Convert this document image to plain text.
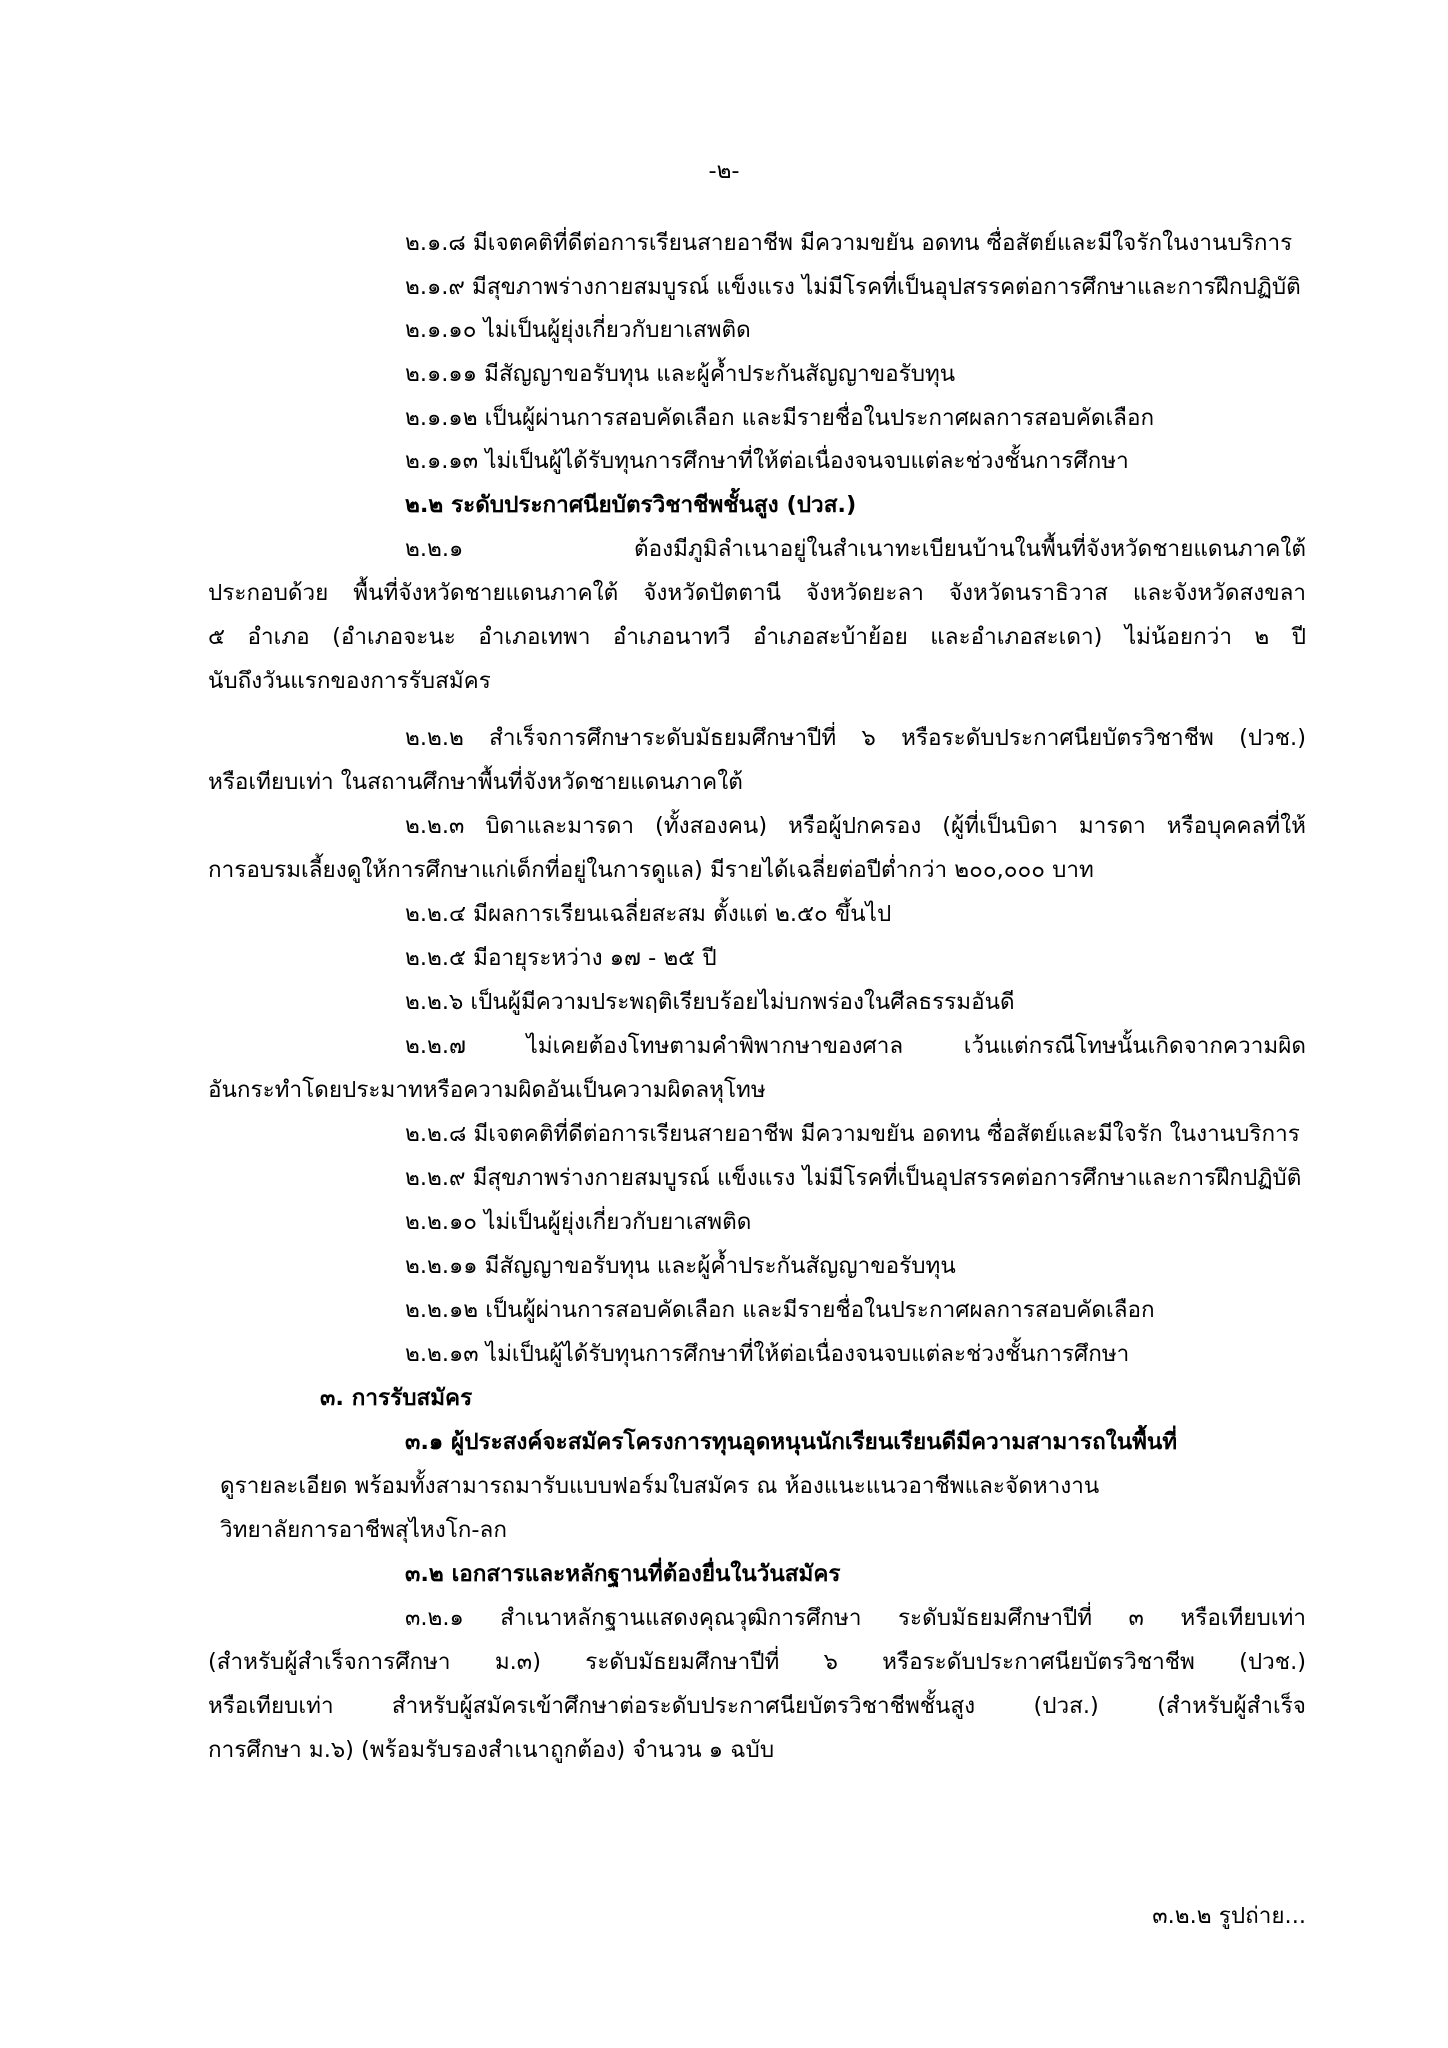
-๒-
๒.๑.๘ มีเจตคติที่ดีต่อการเรียนสายอาชีพ มีความขยัน อดทน ซื่อสัตย์และมีใจรักในงานบริการ
๒.๑.๙ มีสุขภาพร่างกายสมบูรณ์ แข็งแรง ไม่มีโรคที่เป็นอุปสรรคต่อการศึกษาและการฝึกปฏิบัติ
๒.๑.๑๐ ไม่เป็นผู้ยุ่งเกี่ยวกับยาเสพติด
๒.๑.๑๑ มีสัญญาขอรับทุน และผู้ค้ำประกันสัญญาขอรับทุน
๒.๑.๑๒ เป็นผู้ผ่านการสอบคัดเลือก และมีรายชื่อในประกาศผลการสอบคัดเลือก
๒.๑.๑๓ ไม่เป็นผู้ได้รับทุนการศึกษาที่ให้ต่อเนื่องจนจบแต่ละช่วงชั้นการศึกษา
๒.๒ ระดับประกาศนียบัตรวิชาชีพชั้นสูง (ปวส.)
๒.๒.๑ ต้องมีภูมิลำเนาอยู่ในสำเนาทะเบียนบ้านในพื้นที่จังหวัดชายแดนภาคใต้
ประกอบด้วย พื้นที่จังหวัดชายแดนภาคใต้ จังหวัดปัตตานี จังหวัดยะลา จังหวัดนราธิวาส และจังหวัดสงขลา
๕ อำเภอ (อำเภอจะนะ อำเภอเทพา อำเภอนาทวี อำเภอสะบ้าย้อย และอำเภอสะเดา) ไม่น้อยกว่า ๒ ปี
นับถึงวันแรกของการรับสมัคร
๒.๒.๒ สำเร็จการศึกษาระดับมัธยมศึกษาปีที่ ๖ หรือระดับประกาศนียบัตรวิชาชีพ (ปวช.)
หรือเทียบเท่า ในสถานศึกษาพื้นที่จังหวัดชายแดนภาคใต้
๒.๒.๓ บิดาและมารดา (ทั้งสองคน) หรือผู้ปกครอง (ผู้ที่เป็นบิดา มารดา หรือบุคคลที่ให้
การอบรมเลี้ยงดูให้การศึกษาแก่เด็กที่อยู่ในการดูแล) มีรายได้เฉลี่ยต่อปีต่ำกว่า ๒๐๐,๐๐๐ บาท
๒.๒.๔ มีผลการเรียนเฉลี่ยสะสม ตั้งแต่ ๒.๕๐ ขึ้นไป
๒.๒.๕ มีอายุระหว่าง ๑๗ - ๒๕ ปี
๒.๒.๖ เป็นผู้มีความประพฤติเรียบร้อยไม่บกพร่องในศีลธรรมอันดี
๒.๒.๗ ไม่เคยต้องโทษตามคำพิพากษาของศาล เว้นแต่กรณีโทษนั้นเกิดจากความผิด
อันกระทำโดยประมาทหรือความผิดอันเป็นความผิดลหุโทษ
๒.๒.๘ มีเจตคติที่ดีต่อการเรียนสายอาชีพ มีความขยัน อดทน ซื่อสัตย์และมีใจรัก ในงานบริการ
๒.๒.๙ มีสุขภาพร่างกายสมบูรณ์ แข็งแรง ไม่มีโรคที่เป็นอุปสรรคต่อการศึกษาและการฝึกปฏิบัติ
๒.๒.๑๐ ไม่เป็นผู้ยุ่งเกี่ยวกับยาเสพติด
๒.๒.๑๑ มีสัญญาขอรับทุน และผู้ค้ำประกันสัญญาขอรับทุน
๒.๒.๑๒ เป็นผู้ผ่านการสอบคัดเลือก และมีรายชื่อในประกาศผลการสอบคัดเลือก
๒.๒.๑๓ ไม่เป็นผู้ได้รับทุนการศึกษาที่ให้ต่อเนื่องจนจบแต่ละช่วงชั้นการศึกษา
๓. การรับสมัคร
๓.๑ ผู้ประสงค์จะสมัครโครงการทุนอุดหนุนนักเรียนเรียนดีมีความสามารถในพื้นที่
ดูรายละเอียด พร้อมทั้งสามารถมารับแบบฟอร์มใบสมัคร ณ ห้องแนะแนวอาชีพและจัดหางาน
วิทยาลัยการอาชีพสุไหงโก-ลก
๓.๒ เอกสารและหลักฐานที่ต้องยื่นในวันสมัคร
๓.๒.๑ สำเนาหลักฐานแสดงคุณวุฒิการศึกษา ระดับมัธยมศึกษาปีที่ ๓ หรือเทียบเท่า
(สำหรับผู้สำเร็จการศึกษา ม.๓) ระดับมัธยมศึกษาปีที่ ๖ หรือระดับประกาศนียบัตรวิชาชีพ (ปวช.)
หรือเทียบเท่า สำหรับผู้สมัครเข้าศึกษาต่อระดับประกาศนียบัตรวิชาชีพชั้นสูง (ปวส.) (สำหรับผู้สำเร็จ
การศึกษา ม.๖) (พร้อมรับรองสำเนาถูกต้อง) จำนวน ๑ ฉบับ
๓.๒.๒ รูปถ่าย...
